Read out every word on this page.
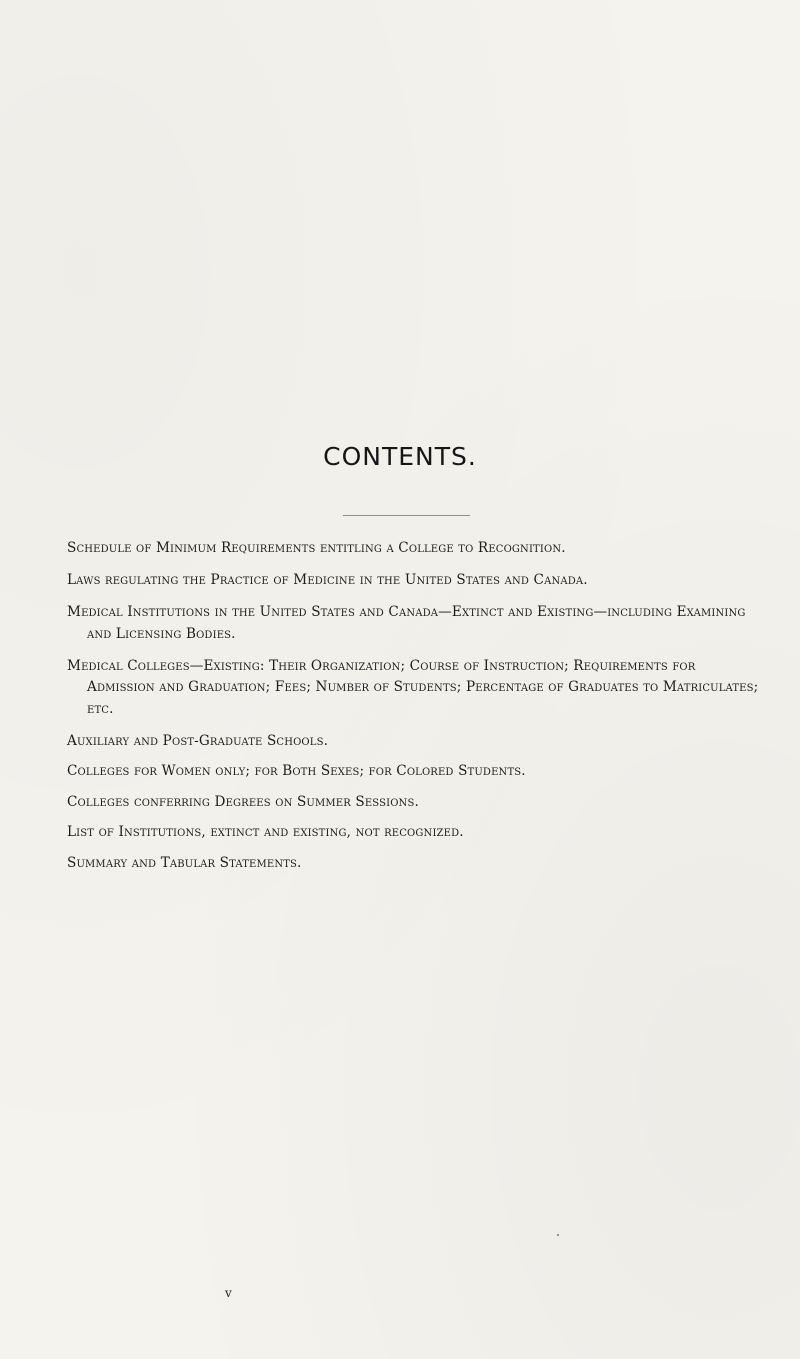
CONTENTS.
Schedule of Minimum Requirements entitling a College to Recognition.
Laws regulating the Practice of Medicine in the United States and Canada.
Medical Institutions in the United States and Canada—Extinct and Existing—including Examining and Licensing Bodies.
Medical Colleges—Existing: Their Organization; Course of Instruction; Requirements for Admission and Graduation; Fees; Number of Students; Percentage of Graduates to Matriculates; etc.
Auxiliary and Post-Graduate Schools.
Colleges for Women only; for Both Sexes; for Colored Students.
Colleges conferring Degrees on Summer Sessions.
List of Institutions, extinct and existing, not recognized.
Summary and Tabular Statements.
v
